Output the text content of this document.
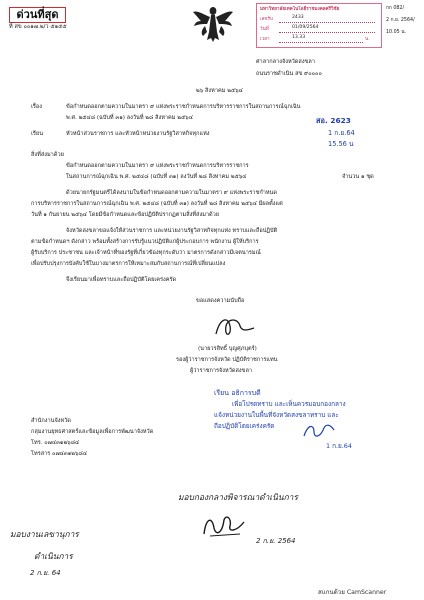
ด่วนที่สุด
ที่ สข ๐๐๑๗.๒/ว ๕๑๕๕
มหาวิทยาลัยเทคโนโลยีราชมงคลศรีวิชัย
เลขรับ	2433
วันที่	01/09/2564
เวลา	13.33	น.
กก 082/
2 ก.ย. 2564/
10.05 น.
ศาลากลางจังหวัดสงขลา
ถนนราชดำเนิน สข ๙๐๐๐๐
๒๖ สิงหาคม ๒๕๖๔
เรื่อง	ข้อกำหนดออกตามความในมาตรา ๙ แห่งพระราชกำหนดการบริหารราชการในสถานการณ์ฉุกเฉิน
พ.ศ. ๒๕๔๘ (ฉบับที่ ๓๑) ลงวันที่ ๒๘ สิงหาคม ๒๕๖๔	สอ. 2623
1 ก.ย.64
15.56 น
เรียน	หัวหน้าส่วนราชการ และหัวหน้าหน่วยงานรัฐวิสาหกิจทุกแห่ง
สิ่งที่ส่งมาด้วย
ข้อกำหนดออกตามความในมาตรา ๙ แห่งพระราชกำหนดการบริหารราชการ
ในสถานการณ์ฉุกเฉิน พ.ศ. ๒๕๔๘ (ฉบับที่ ๓๑) ลงวันที่ ๒๘ สิงหาคม ๒๕๖๔	จำนวน ๑ ชุด
ด้วยนายกรัฐมนตรีได้ลงนามในข้อกำหนดออกตามความในมาตรา ๙ แห่งพระราชกำหนด
การบริหารราชการในสถานการณ์ฉุกเฉิน พ.ศ. ๒๕๔๘ (ฉบับที่ ๓๑) ลงวันที่ ๒๘ สิงหาคม ๒๕๖๔ มีผลตั้งแต่
วันที่ ๑ กันยายน ๒๕๖๔ โดยมีข้อกำหนดและข้อปฏิบัติปรากฏตามสิ่งที่ส่งมาด้วย
จังหวัดสงขลาขอแจ้งให้ส่วนราชการ และหน่วยงานรัฐวิสาหกิจทุกแห่ง ทราบและถือปฏิบัติ
ตามข้อกำหนดฯ ดังกล่าว พร้อมทั้งสร้างการรับรู้แนวปฏิบัติแก่ผู้ประกอบการ พนักงาน ผู้ให้บริการ
ผู้รับบริการ ประชาชน และเจ้าหน้าที่ของรัฐที่เกี่ยวข้องทุกระดับว่า มาตรการดังกล่าวมีเจตนารมณ์
เพื่อปรับปรุงการบังคับใช้ในบางมาตรการให้เหมาะสมกับสถานการณ์ที่เปลี่ยนแปลง
จึงเรียนมาเพื่อทราบและถือปฏิบัติโดยเคร่งครัด
ขอแสดงความนับถือ
(นายวรสิทธิ์ บุญศุภบุตร์)
รองผู้ว่าราชการจังหวัด ปฏิบัติราชการแทน
ผู้ว่าราชการจังหวัดสงขลา
เรียน อธิการบดี
เพื่อโปรดทราบ และเห็นควรมอบกองกลาง
แจ้งหน่วยงานในพื้นที่จังหวัดสงขลาทราบ และ
ถือปฏิบัติโดยเคร่งครัด
1 ก.ย.64
สำนักงานจังหวัด
กลุ่มงานยุทธศาสตร์และข้อมูลเพื่อการพัฒนาจังหวัด
โทร. ๐๗๔๓๑๒๖๘๔
โทรสาร ๐๗๔๓๑๒๖๘๔
มอบกองกลางพิจารณาดำเนินการ
2 ก.ย. 2564
มอบงานเลขานุการ
ดำเนินการ
2 ก.ย. 64
สแกนด้วย CamScanner
